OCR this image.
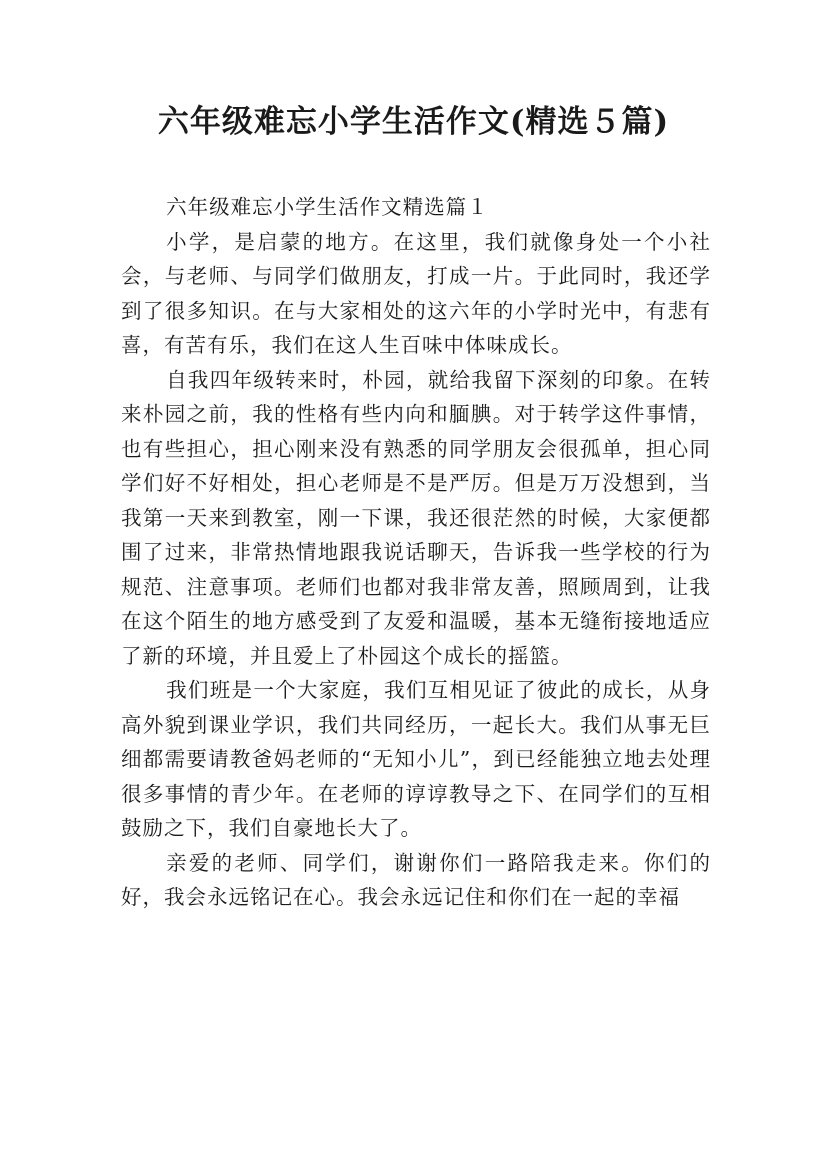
六年级难忘小学生活作文(精选５篇)

六年级难忘小学生活作文精选篇１

小学，是启蒙的地方。在这里，我们就像身处一个小社会，与老师、与同学们做朋友，打成一片。于此同时，我还学到了很多知识。在与大家相处的这六年的小学时光中，有悲有喜，有苦有乐，我们在这人生百味中体味成长。

自我四年级转来时，朴园，就给我留下深刻的印象。在转来朴园之前，我的性格有些内向和腼腆。对于转学这件事情，也有些担心，担心刚来没有熟悉的同学朋友会很孤单，担心同学们好不好相处，担心老师是不是严厉。但是万万没想到，当我第一天来到教室，刚一下课，我还很茫然的时候，大家便都围了过来，非常热情地跟我说话聊天，告诉我一些学校的行为规范、注意事项。老师们也都对我非常友善，照顾周到，让我在这个陌生的地方感受到了友爱和温暖，基本无缝衔接地适应了新的环境，并且爱上了朴园这个成长的摇篮。

我们班是一个大家庭，我们互相见证了彼此的成长，从身高外貌到课业学识，我们共同经历，一起长大。我们从事无巨细都需要请教爸妈老师的“无知小儿”，到已经能独立地去处理很多事情的青少年。在老师的谆谆教导之下、在同学们的互相鼓励之下，我们自豪地长大了。

亲爱的老师、同学们，谢谢你们一路陪我走来。你们的好，我会永远铭记在心。我会永远记住和你们在一起的幸福
